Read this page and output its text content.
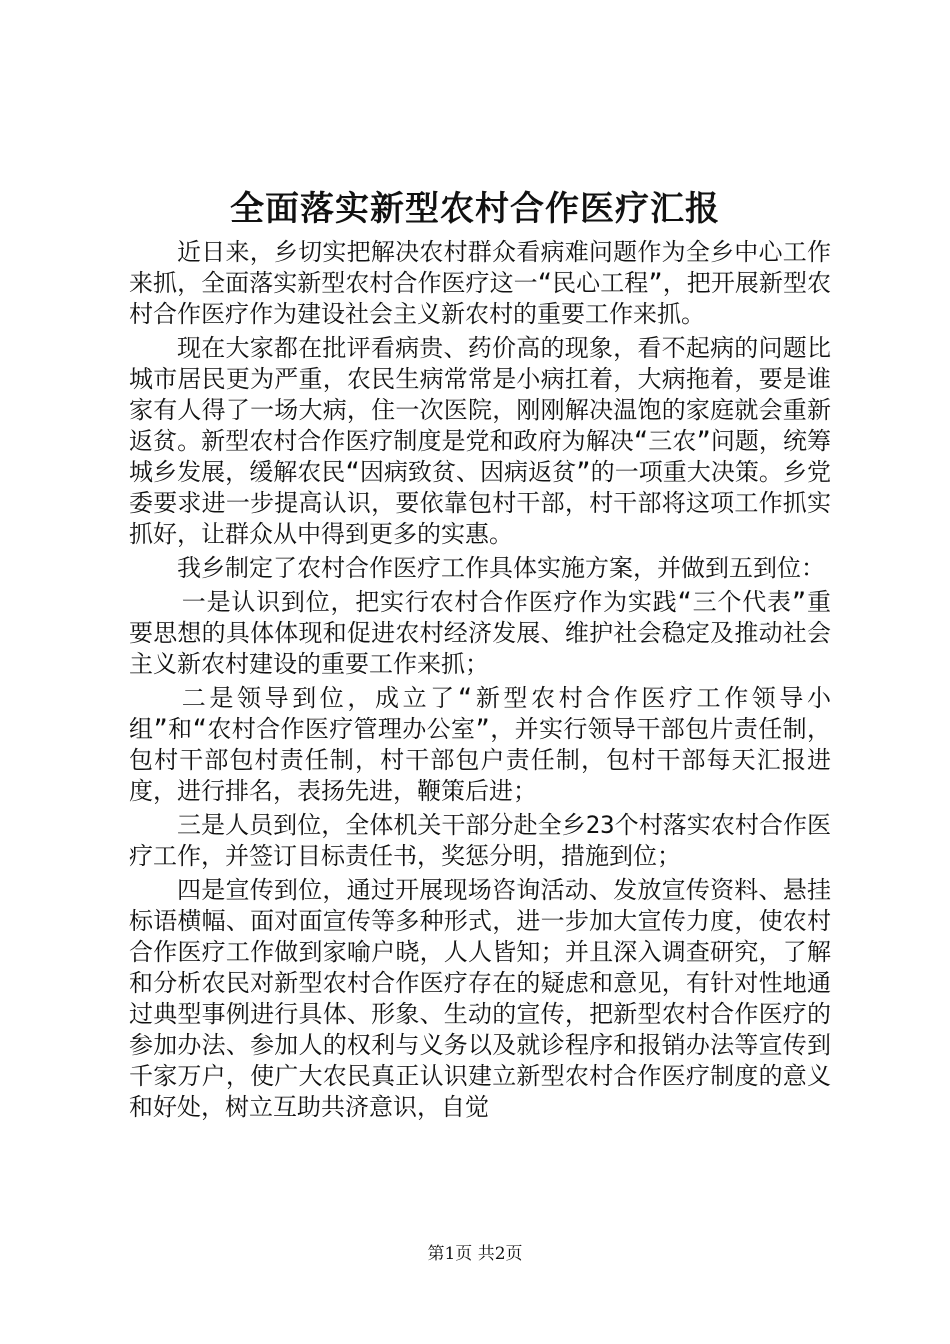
全面落实新型农村合作医疗汇报

近日来，乡切实把解决农村群众看病难问题作为全乡中心工作来抓，全面落实新型农村合作医疗这一“民心工程”，把开展新型农村合作医疗作为建设社会主义新农村的重要工作来抓。

现在大家都在批评看病贵、药价高的现象，看不起病的问题比城市居民更为严重，农民生病常常是小病扛着，大病拖着，要是谁家有人得了一场大病，住一次医院，刚刚解决温饱的家庭就会重新返贫。新型农村合作医疗制度是党和政府为解决“三农”问题，统筹城乡发展，缓解农民“因病致贫、因病返贫”的一项重大决策。乡党委要求进一步提高认识，要依靠包村干部，村干部将这项工作抓实抓好，让群众从中得到更多的实惠。

我乡制定了农村合作医疗工作具体实施方案，并做到五到位：

一是认识到位，把实行农村合作医疗作为实践“三个代表”重要思想的具体体现和促进农村经济发展、维护社会稳定及推动社会主义新农村建设的重要工作来抓；

二是领导到位，成立了“新型农村合作医疗工作领导小组”和“农村合作医疗管理办公室”，并实行领导干部包片责任制，包村干部包村责任制，村干部包户责任制，包村干部每天汇报进度，进行排名，表扬先进，鞭策后进；

三是人员到位，全体机关干部分赴全乡23个村落实农村合作医疗工作，并签订目标责任书，奖惩分明，措施到位；

四是宣传到位，通过开展现场咨询活动、发放宣传资料、悬挂标语横幅、面对面宣传等多种形式，进一步加大宣传力度，使农村合作医疗工作做到家喻户晓，人人皆知；并且深入调查研究，了解和分析农民对新型农村合作医疗存在的疑虑和意见，有针对性地通过典型事例进行具体、形象、生动的宣传，把新型农村合作医疗的参加办法、参加人的权利与义务以及就诊程序和报销办法等宣传到千家万户，使广大农民真正认识建立新型农村合作医疗制度的意义和好处，树立互助共济意识，自觉

第1页 共2页
